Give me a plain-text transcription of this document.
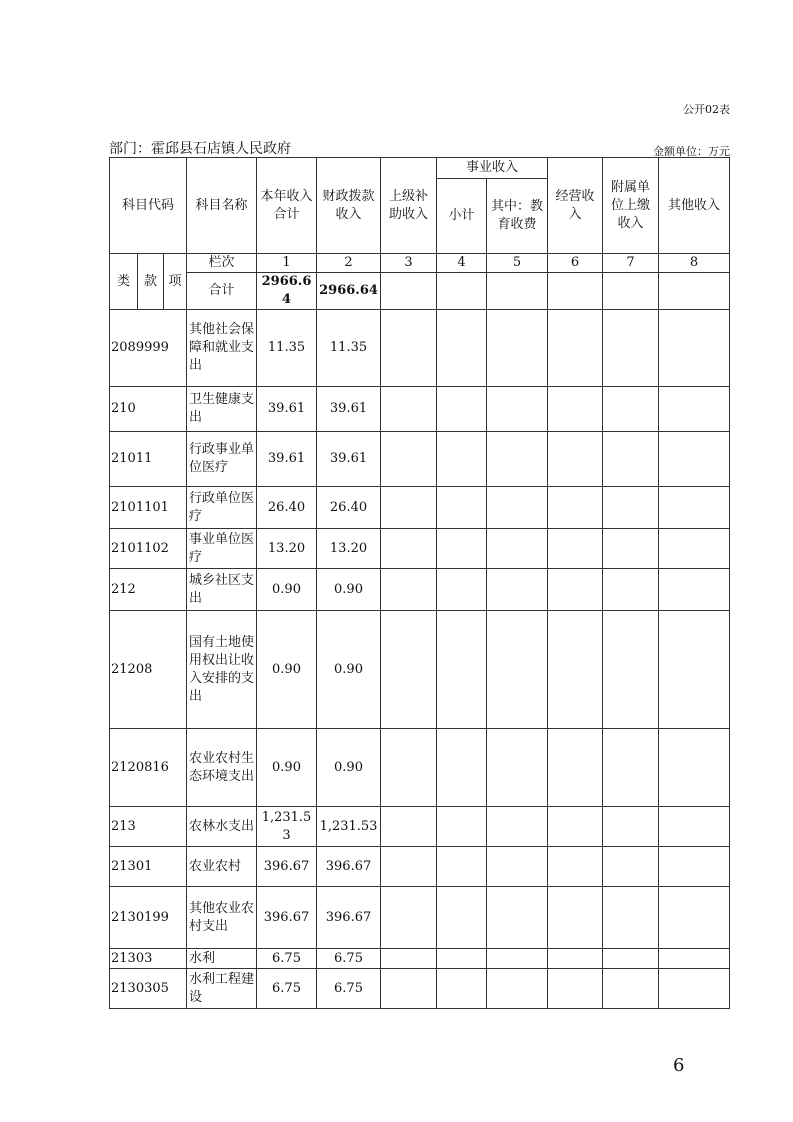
公开02表
部门：霍邱县石店镇人民政府	金额单位：万元
科目代码			科目名称	本年收入合计	财政拨款收入	上级补助收入	事业收入		经营收入	附属单位上缴收入	其他收入
							小计	其中：教育收费			
类	款	项	栏次	1	2	3	4	5	6	7	8
			合计	2966.64	2966.64						
2089999			其他社会保障和就业支出	11.35	11.35						
210			卫生健康支出	39.61	39.61						
21011			行政事业单位医疗	39.61	39.61						
2101101			行政单位医疗	26.40	26.40						
2101102			事业单位医疗	13.20	13.20						
212			城乡社区支出	0.90	0.90						
21208			国有土地使用权出让收入安排的支出	0.90	0.90						
2120816			农业农村生态环境支出	0.90	0.90						
213			农林水支出	1,231.53	1,231.53						
21301			农业农村	396.67	396.67						
2130199			其他农业农村支出	396.67	396.67						
21303			水利	6.75	6.75						
2130305			水利工程建设	6.75	6.75						
6
